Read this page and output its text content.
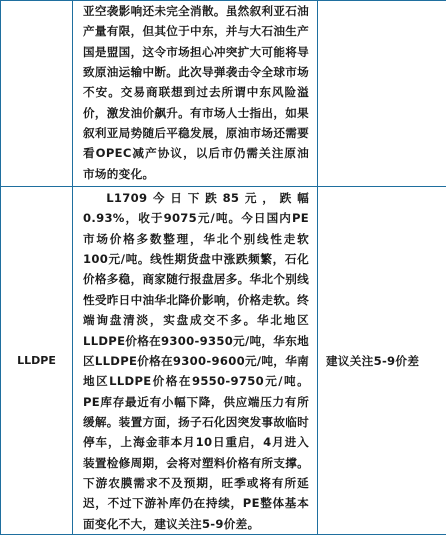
	亚空袭影响还未完全消散。虽然叙利亚石油产量有限，但其位于中东，并与大石油生产国是盟国，这令市场担心冲突扩大可能将导致原油运输中断。此次导弹袭击令全球市场不安。交易商联想到过去所谓中东风险溢价，激发油价飙升。有市场人士指出，如果叙利亚局势随后平稳发展，原油市场还需要看OPEC减产协议，以后市仍需关注原油市场的变化。	

LLDPE	L1709今日下跌85元，跌幅0.93%，收于9075元/吨。今日国内PE市场价格多数整理，华北个别线性走软100元/吨。线性期货盘中涨跌频繁，石化价格多稳，商家随行报盘居多。华北个别线性受昨日中油华北降价影响，价格走软。终端询盘清淡，实盘成交不多。华北地区LLDPE价格在9300-9350元/吨，华东地区LLDPE价格在9300-9600元/吨，华南地区LLDPE价格在9550-9750元/吨。PE库存最近有小幅下降，供应端压力有所缓解。装置方面，扬子石化因突发事故临时停车，上海金菲本月10日重启，4月进入装置检修周期，会将对塑料价格有所支撑。下游农膜需求不及预期，旺季或将有所延迟，不过下游补库仍在持续，PE整体基本面变化不大，建议关注5-9价差。	建议关注5-9价差
